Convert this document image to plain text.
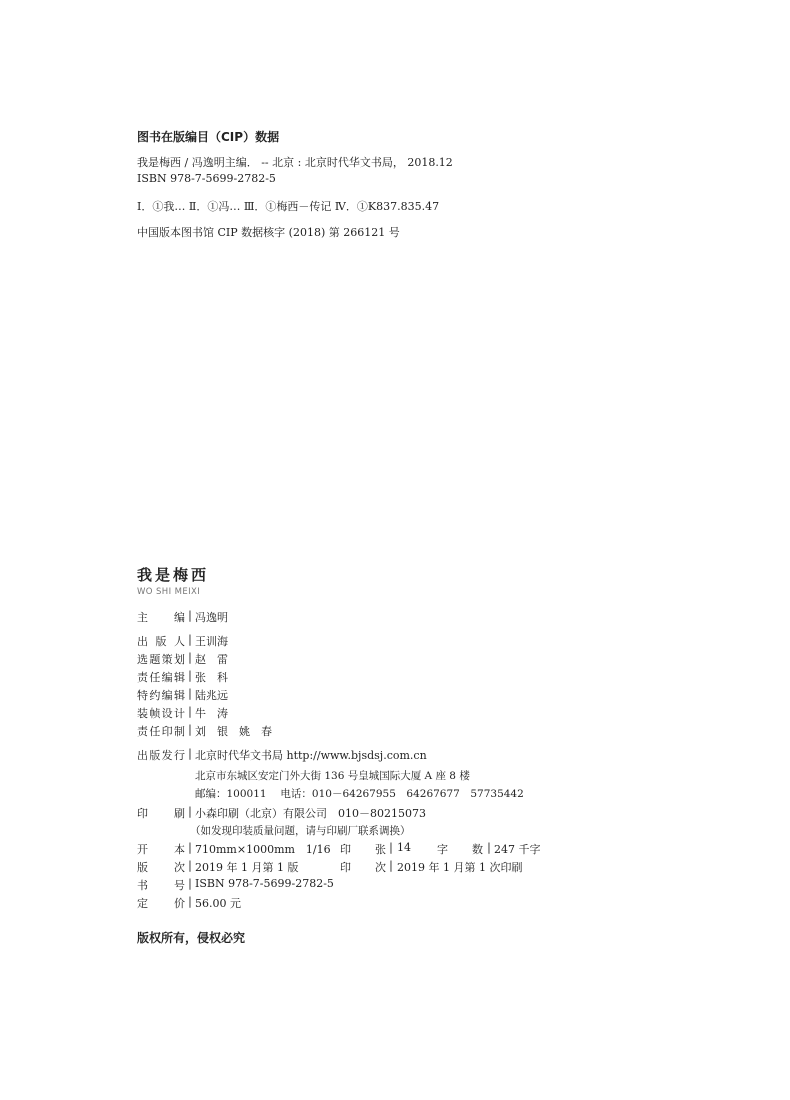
图书在版编目（CIP）数据
我是梅西 / 冯逸明主编． -- 北京 : 北京时代华文书局， 2018.12
ISBN 978-7-5699-2782-5
Ⅰ．①我… Ⅱ．①冯… Ⅲ．①梅西－传记 Ⅳ．①K837.835.47
中国版本图书馆 CIP 数据核字 (2018) 第 266121 号
我是梅西
WO SHI MEIXI
主 编 | 冯逸明
出 版 人 | 王训海
选 题 策 划 | 赵　雷
责 任 编 辑 | 张　科
特 约 编 辑 | 陆兆远
装 帧 设 计 | 牛　涛
责 任 印 制 | 刘　银　姚　春
出 版 发 行 | 北京时代华文书局 http://www.bjsdsj.com.cn
北京市东城区安定门外大街 136 号皇城国际大厦 A 座 8 楼
邮编：100011　 电话：010－64267955　64267677　57735442
印 刷 | 小森印刷（北京）有限公司　010－80215073
（如发现印装质量问题，请与印刷厂联系调换）
开 本 | 710mm×1000mm　1/16 印 张 | 14 字 数 | 247 千字
版 次 | 2019 年 1 月第 1 版	印 次 | 2019 年 1 月第 1 次印刷
书 号 | ISBN 978-7-5699-2782-5
定 价 | 56.00 元
版权所有，侵权必究
